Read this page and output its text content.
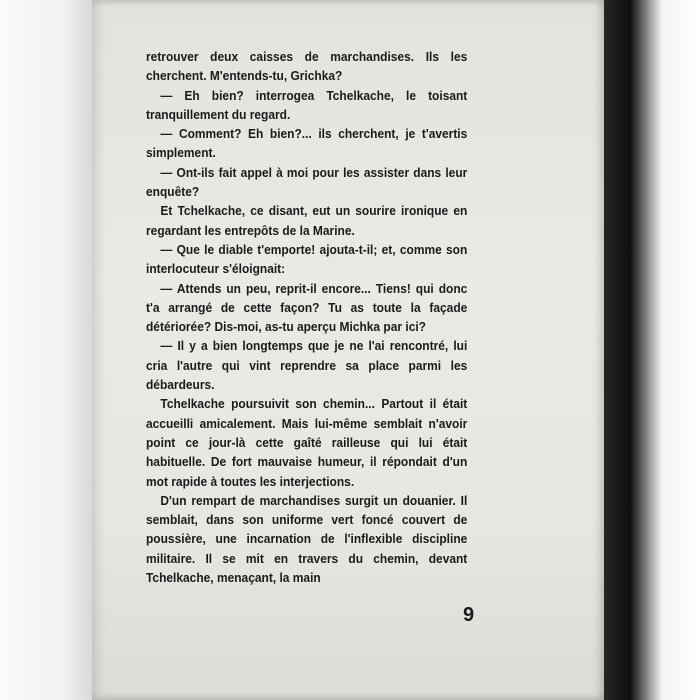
retrouver deux caisses de marchandises. Ils les cherchent. M'entends-tu, Grichka?

— Eh bien? interrogea Tchelkache, le toisant tranquillement du regard.

— Comment? Eh bien?... ils cherchent, je t'avertis simplement.

— Ont-ils fait appel à moi pour les assister dans leur enquête?

Et Tchelkache, ce disant, eut un sourire ironique en regardant les entrepôts de la Marine.

— Que le diable t'emporte! ajouta-t-il; et, comme son interlocuteur s'éloignait:

— Attends un peu, reprit-il encore... Tiens! qui donc t'a arrangé de cette façon? Tu as toute la façade détériorée? Dis-moi, as-tu aperçu Michka par ici?

— Il y a bien longtemps que je ne l'ai rencontré, lui cria l'autre qui vint reprendre sa place parmi les débardeurs.

Tchelkache poursuivit son chemin... Partout il était accueilli amicalement. Mais lui-même semblait n'avoir point ce jour-là cette gaîté railleuse qui lui était habituelle. De fort mauvaise humeur, il répondait d'un mot rapide à toutes les interjections.

D'un rempart de marchandises surgit un douanier. Il semblait, dans son uniforme vert foncé couvert de poussière, une incarnation de l'inflexible discipline militaire. Il se mit en travers du chemin, devant Tchelkache, menaçant, la main

9
